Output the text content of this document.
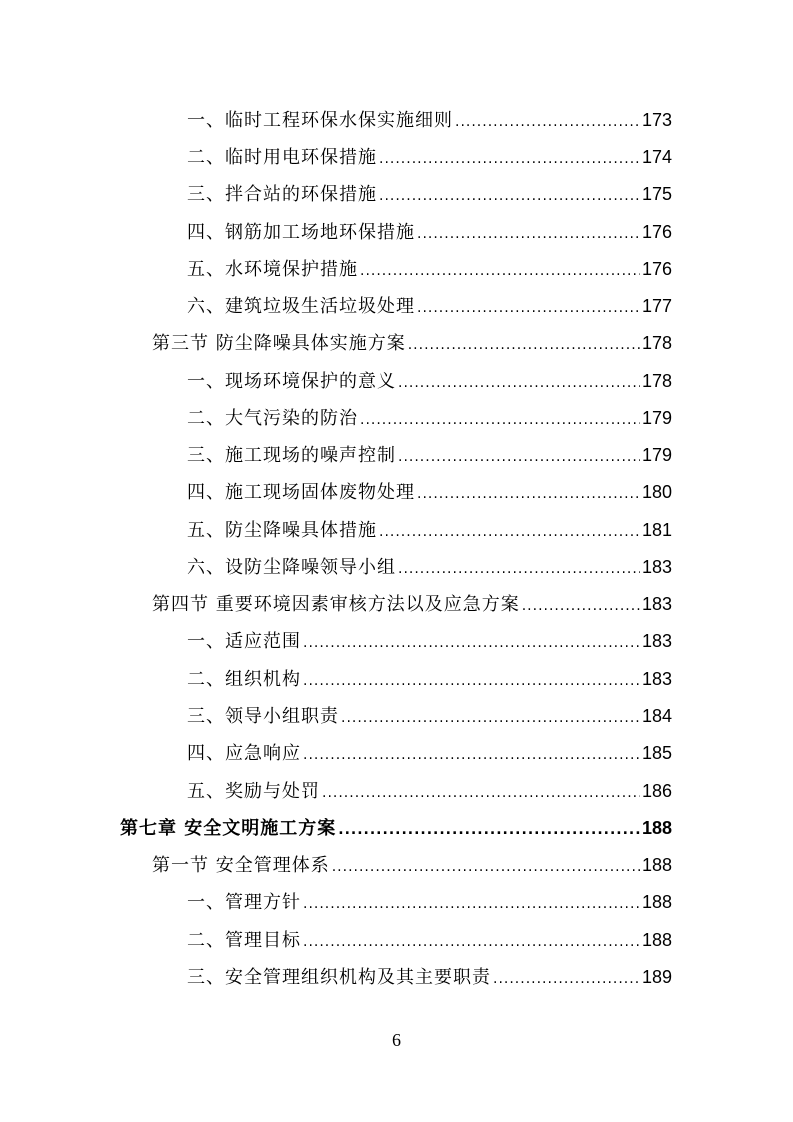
一、临时工程环保水保实施细则 .....	173
二、临时用电环保措施 .....	174
三、拌合站的环保措施 .....	175
四、钢筋加工场地环保措施 .....	176
五、水环境保护措施 .....	176
六、建筑垃圾生活垃圾处理 .....	177
第三节 防尘降噪具体实施方案 .....	178
一、现场环境保护的意义 .....	178
二、大气污染的防治 .....	179
三、施工现场的噪声控制 .....	179
四、施工现场固体废物处理 .....	180
五、防尘降噪具体措施 .....	181
六、设防尘降噪领导小组 .....	183
第四节 重要环境因素审核方法以及应急方案 .....	183
一、适应范围 .....	183
二、组织机构 .....	183
三、领导小组职责 .....	184
四、应急响应 .....	185
五、奖励与处罚 .....	186
第七章 安全文明施工方案 .....	188
第一节 安全管理体系 .....	188
一、管理方针 .....	188
二、管理目标 .....	188
三、安全管理组织机构及其主要职责 .....	189
6
